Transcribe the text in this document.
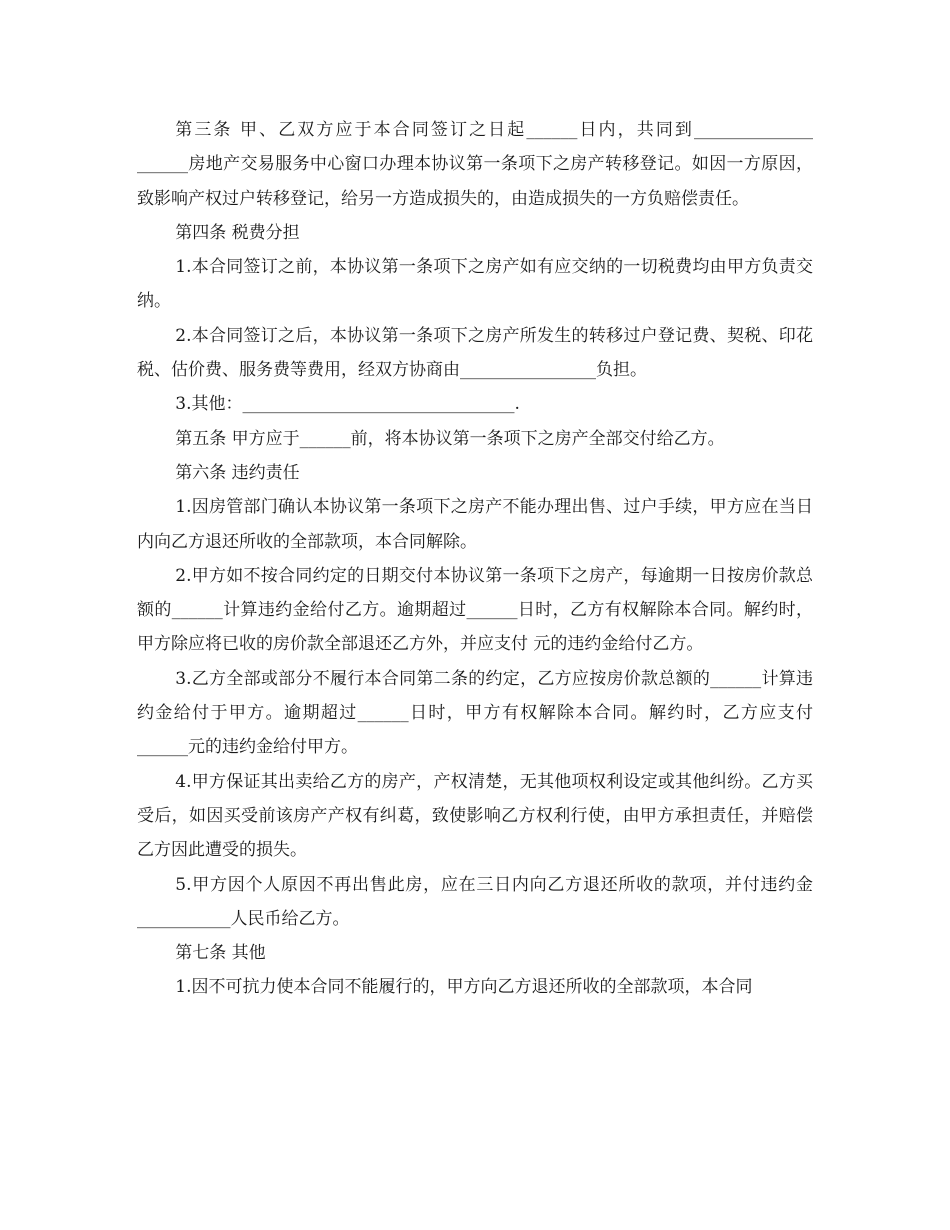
第三条 甲、乙双方应于本合同签订之日起______日内，共同到______________ ______房地产交易服务中心窗口办理本协议第一条项下之房产转移登记。如因一方原因，致影响产权过户转移登记，给另一方造成损失的，由造成损失的一方负赔偿责任。

第四条 税费分担

1.本合同签订之前，本协议第一条项下之房产如有应交纳的一切税费均由甲方负责交纳。

2.本合同签订之后，本协议第一条项下之房产所发生的转移过户登记费、契税、印花税、估价费、服务费等费用，经双方协商由________________负担。

3.其他：________________________________.

第五条 甲方应于______前，将本协议第一条项下之房产全部交付给乙方。

第六条 违约责任

1.因房管部门确认本协议第一条项下之房产不能办理出售、过户手续，甲方应在当日内向乙方退还所收的全部款项，本合同解除。

2.甲方如不按合同约定的日期交付本协议第一条项下之房产，每逾期一日按房价款总额的______计算违约金给付乙方。逾期超过______日时，乙方有权解除本合同。解约时，甲方除应将已收的房价款全部退还乙方外，并应支付 元的违约金给付乙方。

3.乙方全部或部分不履行本合同第二条的约定，乙方应按房价款总额的______计算违约金给付于甲方。逾期超过______日时，甲方有权解除本合同。解约时，乙方应支付______元的违约金给付甲方。

4.甲方保证其出卖给乙方的房产，产权清楚，无其他项权利设定或其他纠纷。乙方买受后，如因买受前该房产产权有纠葛，致使影响乙方权利行使，由甲方承担责任，并赔偿乙方因此遭受的损失。

5.甲方因个人原因不再出售此房，应在三日内向乙方退还所收的款项，并付违约金___________人民币给乙方。

第七条 其他

1.因不可抗力使本合同不能履行的，甲方向乙方退还所收的全部款项，本合同
